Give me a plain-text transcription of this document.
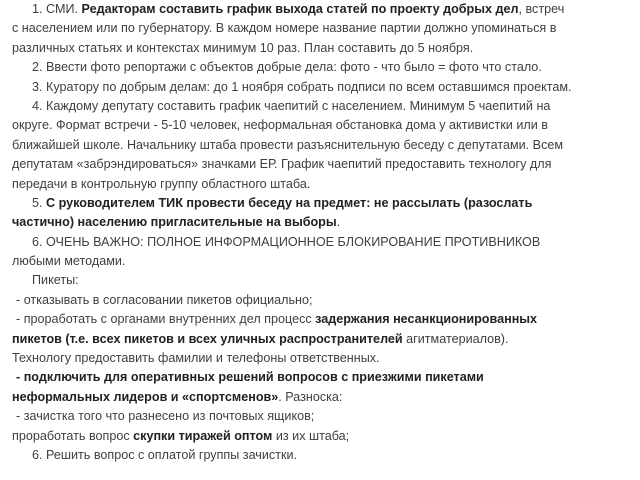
1. СМИ. Редакторам составить график выхода статей по проекту добрых дел, встреч
с населением или по губернатору. В каждом номере название партии должно упоминаться в
различных статьях и контекстах минимум 10 раз. План составить до 5 ноября.
2. Ввести фото репортажи с объектов добрые дела: фото - что было = фото что стало.
3. Куратору по добрым делам: до 1 ноября собрать подписи по всем оставшимся проектам.
4. Каждому депутату составить график чаепитий с населением. Минимум 5 чаепитий на
округе. Формат встречи - 5-10 человек, неформальная обстановка дома у активистки или в
ближайшей школе. Начальнику штаба провести разъяснительную беседу с депутатами. Всем
депутатам «забрэндироваться» значками ЕР. График чаепитий предоставить технологу для
передачи в контрольную группу областного штаба.
5. С руководителем ТИК провести беседу на предмет: не рассылать (разослать
частично) населению пригласительные на выборы.
6. ОЧЕНЬ ВАЖНО: ПОЛНОЕ ИНФОРМАЦИОННОЕ БЛОКИРОВАНИЕ ПРОТИВНИКОВ
любыми методами.
Пикеты:
- отказывать в согласовании пикетов официально;
- проработать с органами внутренних дел процесс задержания несанкционированных
пикетов (т.е. всех пикетов и всех уличных распространителей агитматериалов).
Технологу предоставить фамилии и телефоны ответственных.
- подключить для оперативных решений вопросов с приезжими пикетами
неформальных лидеров и «спортсменов». Разноска:
- зачистка того что разнесено из почтовых ящиков;
проработать вопрос скупки тиражей оптом из их штаба;
6. Решить вопрос с оплатой группы зачистки.
